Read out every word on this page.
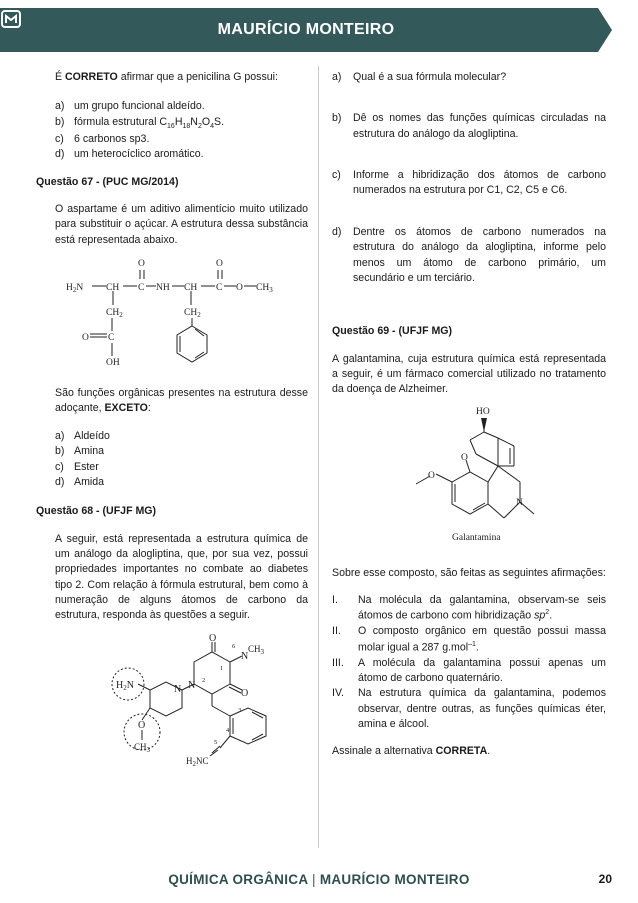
MAURÍCIO MONTEIRO
É CORRETO afirmar que a penicilina G possui:
a) um grupo funcional aldeído.
b) fórmula estrutural $C_{16}H_{18}N_2O_4S$.
c) 6 carbonos sp3.
d) um heterocíclico aromático.
Questão 67 - (PUC MG/2014)
O aspartame é um aditivo alimentício muito utilizado para substituir o açúcar. A estrutura dessa substância está representada abaixo.
$H_2N$ CH C NH CH C O $CH_3$
O	O
$CH_2$	$CH_2$
O C
OH
São funções orgânicas presentes na estrutura desse adoçante, EXCETO:
a) Aldeído
b) Amina
c) Ester
d) Amida
Questão 68 - (UFJF MG)
A seguir, está representada a estrutura química de um análogo da alogliptina, que, por sua vez, possui propriedades importantes no combate ao diabetes tipo 2. Com relação à fórmula estrutural, bem como à numeração de alguns átomos de carbono da estrutura, responda às questões a seguir.
O
N
$CH_3$
O
N
N
$H_2N$
O
$CH_3$
$H_2NC$
1
2
3
4
5
6
a)	Qual é a sua fórmula molecular?
b)	Dê os nomes das funções químicas circuladas na estrutura do análogo da alogliptina.
c)	Informe a hibridização dos átomos de carbono numerados na estrutura por C1, C2, C5 e C6.
d)	Dentre os átomos de carbono numerados na estrutura do análogo da alogliptina, informe pelo menos um átomo de carbono primário, um secundário e um terciário.
Questão 69 - (UFJF MG)
A galantamina, cuja estrutura química está representada a seguir, é um fármaco comercial utilizado no tratamento da doença de Alzheimer.
HO
O
O
N
Galantamina
Sobre esse composto, são feitas as seguintes afirmações:
I.	Na molécula da galantamina, observam-se seis átomos de carbono com hibridização $sp^2$.
II.	O composto orgânico em questão possui massa molar igual a 287 g.mol$^{-1}$.
III.	A molécula da galantamina possui apenas um átomo de carbono quaternário.
IV.	Na estrutura química da galantamina, podemos observar, dentre outras, as funções químicas éter, amina e álcool.
Assinale a alternativa CORRETA.
QUÍMICA ORGÂNICA | MAURÍCIO MONTEIRO	20
